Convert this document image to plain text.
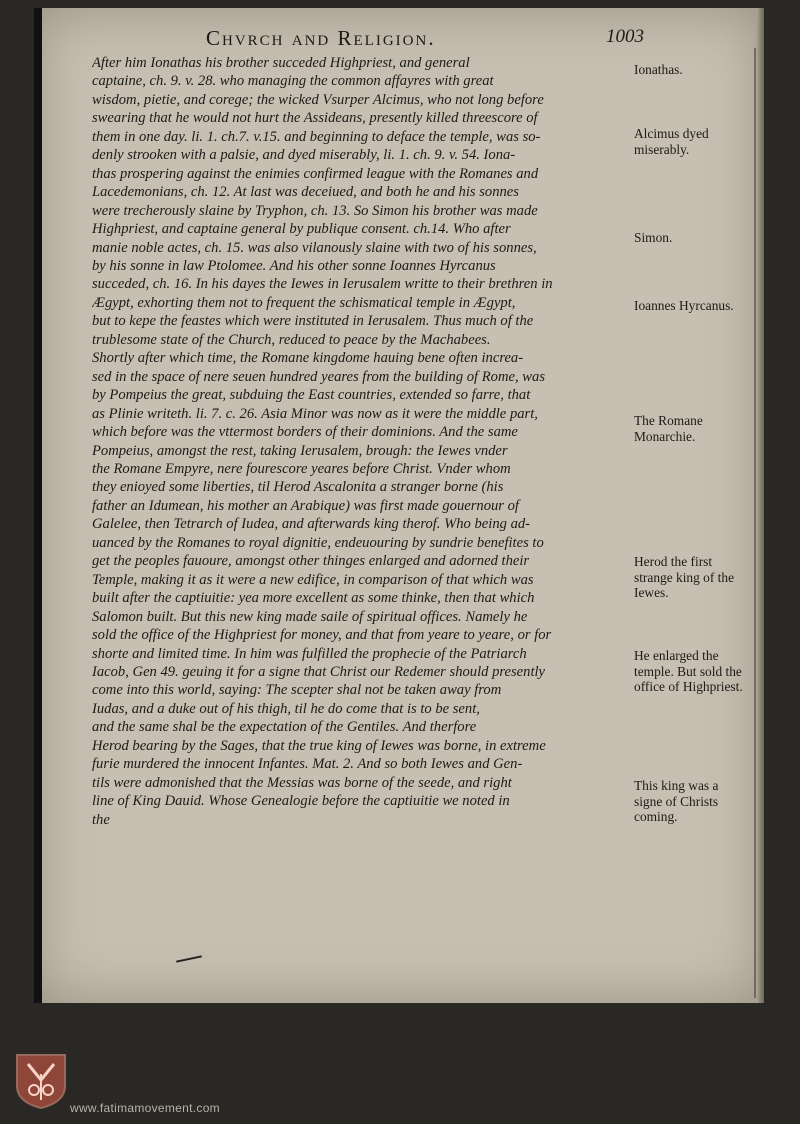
Chvrch and Religion.	1003
After him Ionathas his brother succeded Highpriest, and general
captaine, ch. 9. v. 28. who managing the common affayres with great
wisdom, pietie, and corege; the wicked Vsurper Alcimus, who not long before
swearing that he would not hurt the Assideans, presently killed threescore of
them in one day. li. 1. ch.7. v.15. and beginning to deface the temple, was so-
denly strooken with a palsie, and dyed miserably, li. 1. ch. 9. v. 54. Iona-
thas prospering against the enimies confirmed league with the Romanes and
Lacedemonians, ch. 12. At last was deceiued, and both he and his sonnes
were trecherously slaine by Tryphon, ch. 13. So Simon his brother was made
Highpriest, and captaine general by publique consent. ch.14. Who after
manie noble actes, ch. 15. was also vilanously slaine with two of his sonnes,
by his sonne in law Ptolomee. And his other sonne Ioannes Hyrcanus
succeded, ch. 16. In his dayes the Iewes in Ierusalem writte to their brethren in
Ægypt, exhorting them not to frequent the schismatical temple in Ægypt,
but to kepe the feastes which were instituted in Ierusalem. Thus much of the
trublesome state of the Church, reduced to peace by the Machabees.
Shortly after which time, the Romane kingdome hauing bene often increa-
sed in the space of nere seuen hundred yeares from the building of Rome, was
by Pompeius the great, subduing the East countries, extended so farre, that
as Plinie writeth. li. 7. c. 26. Asia Minor was now as it were the middle part,
which before was the vttermost borders of their dominions. And the same
Pompeius, amongst the rest, taking Ierusalem, brough: the Iewes vnder
the Romane Empyre, nere fourescore yeares before Christ. Vnder whom
they enioyed some liberties, til Herod Ascalonita a stranger borne (his
father an Idumean, his mother an Arabique) was first made gouernour of
Galelee, then Tetrarch of Iudea, and afterwards king therof. Who being ad-
uanced by the Romanes to royal dignitie, endeuouring by sundrie benefites to
get the peoples fauoure, amongst other thinges enlarged and adorned their
Temple, making it as it were a new edifice, in comparison of that which was
built after the captiuitie: yea more excellent as some thinke, then that which
Salomon built. But this new king made saile of spiritual offices. Namely he
sold the office of the Highpriest for money, and that from yeare to yeare, or for
shorte and limited time. In him was fulfilled the prophecie of the Patriarch
Iacob, Gen 49. geuing it for a signe that Christ our Redemer should presently
come into this world, saying: The scepter shal not be taken away from
Iudas, and a duke out of his thigh, til he do come that is to be sent,
and the same shal be the expectation of the Gentiles. And therfore
Herod bearing by the Sages, that the true king of Iewes was borne, in extreme
furie murdered the innocent Infantes. Mat. 2. And so both Iewes and Gen-
tils were admonished that the Messias was borne of the seede, and right
line of King Dauid. Whose Genealogie before the captiuitie we noted in
the
Ionathas.
Alcimus dyed miserably.
Simon.
Ioannes Hyrcanus.
The Romane Monarchie.
Herod the first strange king of the Iewes.
He enlarged the temple. But sold the office of Highpriest.
This king was a signe of Christs coming.
www.fatimamovement.com
